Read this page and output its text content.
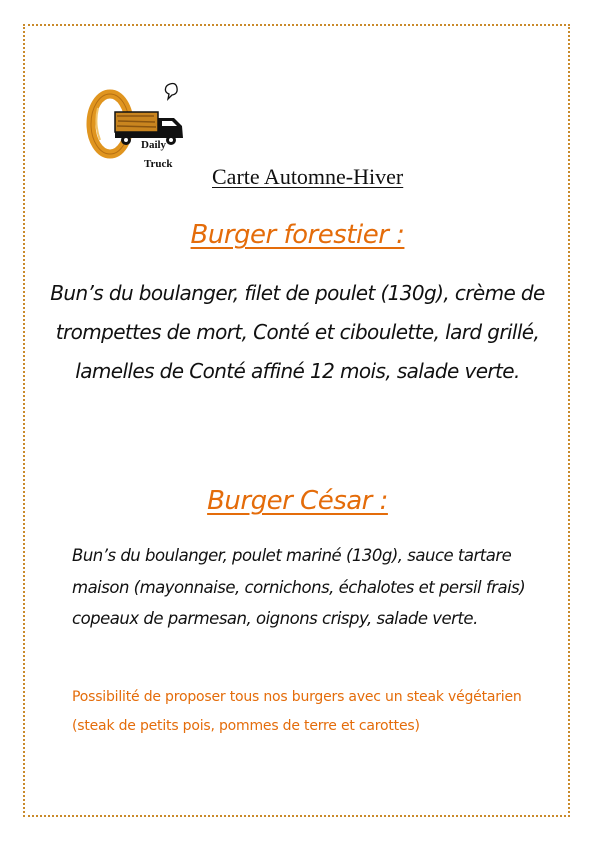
Daily
Truck Carte Automne-Hiver
Burger forestier :
Bun’s du boulanger, filet de poulet (130g), crème de trompettes de mort, Conté et ciboulette, lard grillé, lamelles de Conté affiné 12 mois, salade verte.
Burger César :
Bun’s du boulanger, poulet mariné (130g), sauce tartare maison (mayonnaise, cornichons, échalotes et persil frais) copeaux de parmesan, oignons crispy, salade verte.
Possibilité de proposer tous nos burgers avec un steak végétarien (steak de petits pois, pommes de terre et carottes)
